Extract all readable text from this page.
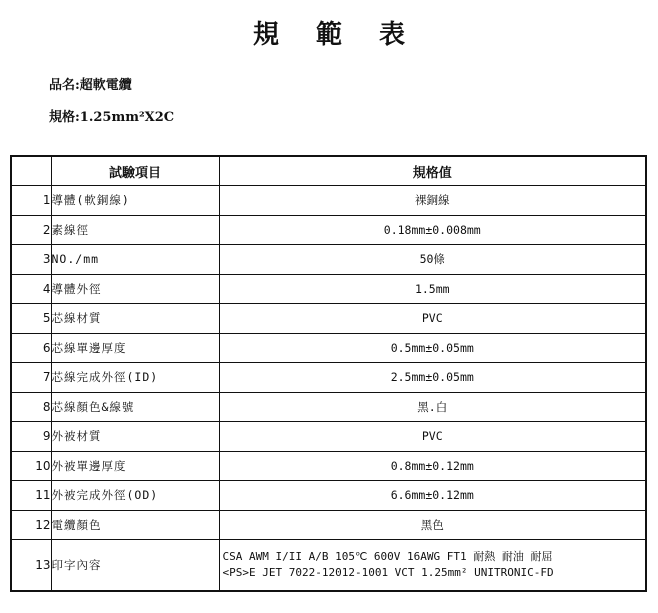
規 範 表
品名:超軟電纜
規格:1.25mm²X2C
	試驗項目	規格值
1	導體(軟銅線)	裸銅線
2	素線徑	0.18mm±0.008mm
3	NO./mm	50條
4	導體外徑	1.5mm
5	芯線材質	PVC
6	芯線單邊厚度	0.5mm±0.05mm
7	芯線完成外徑(ID)	2.5mm±0.05mm
8	芯線顏色&線號	黑.白
9	外被材質	PVC
10	外被單邊厚度	0.8mm±0.12mm
11	外被完成外徑(OD)	6.6mm±0.12mm
12	電纜顏色	黑色
13	印字內容	CSA AWM I/II A/B 105℃ 600V 16AWG FT1 耐熱 耐油 耐屈
<PS>E JET 7022-12012-1001 VCT 1.25mm² UNITRONIC-FD
